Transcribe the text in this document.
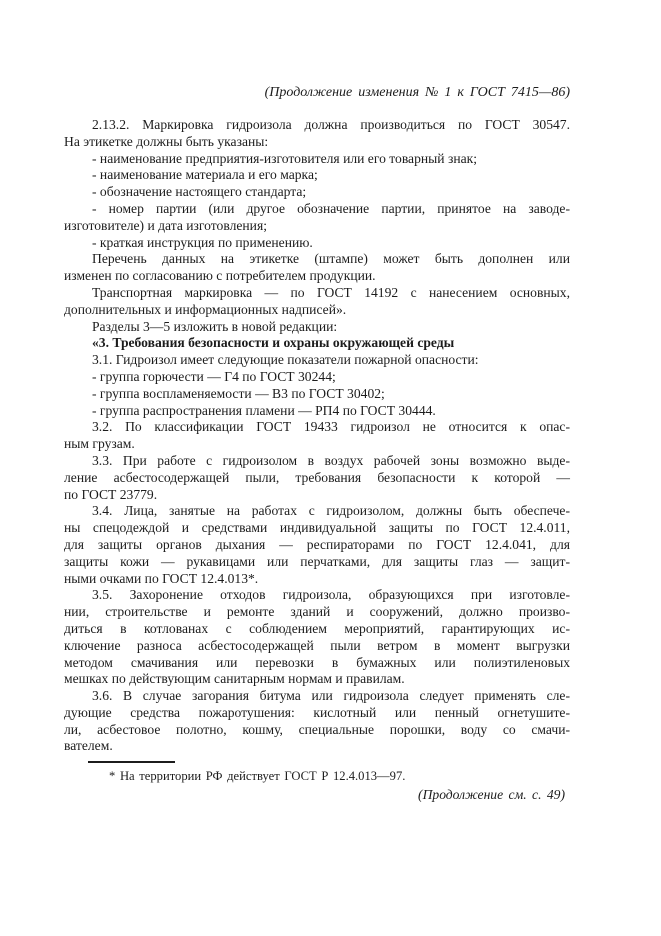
(Продолжение изменения № 1 к ГОСТ 7415—86)
2.13.2. Маркировка гидроизола должна производиться по ГОСТ 30547.
На этикетке должны быть указаны:
- наименование предприятия-изготовителя или его товарный знак;
- наименование материала и его марка;
- обозначение настоящего стандарта;
- номер партии (или другое обозначение партии, принятое на заводе-
изготовителе) и дата изготовления;
- краткая инструкция по применению.
Перечень данных на этикетке (штампе) может быть дополнен или
изменен по согласованию с потребителем продукции.
Транспортная маркировка — по ГОСТ 14192 с нанесением основных,
дополнительных и информационных надписей».
Разделы 3—5 изложить в новой редакции:
«3. Требования безопасности и охраны окружающей среды
3.1. Гидроизол имеет следующие показатели пожарной опасности:
- группа горючести — Г4 по ГОСТ 30244;
- группа воспламеняемости — В3 по ГОСТ 30402;
- группа распространения пламени — РП4 по ГОСТ 30444.
3.2. По классификации ГОСТ 19433 гидроизол не относится к опас-
ным грузам.
3.3. При работе с гидроизолом в воздух рабочей зоны возможно выде-
ление асбестосодержащей пыли, требования безопасности к которой —
по ГОСТ 23779.
3.4. Лица, занятые на работах с гидроизолом, должны быть обеспече-
ны спецодеждой и средствами индивидуальной защиты по ГОСТ 12.4.011,
для защиты органов дыхания — респираторами по ГОСТ 12.4.041, для
защиты кожи — рукавицами или перчатками, для защиты глаз — защит-
ными очками по ГОСТ 12.4.013*.
3.5. Захоронение отходов гидроизола, образующихся при изготовле-
нии, строительстве и ремонте зданий и сооружений, должно произво-
диться в котлованах с соблюдением мероприятий, гарантирующих ис-
ключение разноса асбестосодержащей пыли ветром в момент выгрузки
методом смачивания или перевозки в бумажных или полиэтиленовых
мешках по действующим санитарным нормам и правилам.
3.6. В случае загорания битума или гидроизола следует применять сле-
дующие средства пожаротушения: кислотный или пенный огнетушите-
ли, асбестовое полотно, кошму, специальные порошки, воду со смачи-
вателем.
* На территории РФ действует ГОСТ Р 12.4.013—97.
(Продолжение см. с. 49)
